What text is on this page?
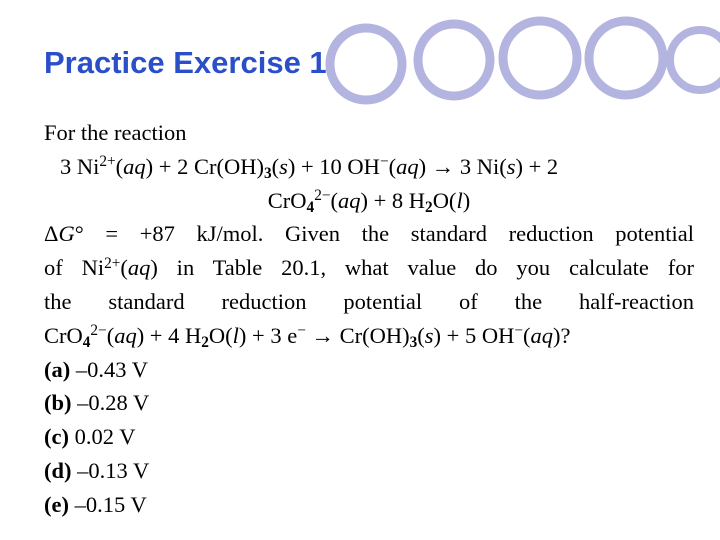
Practice Exercise 1
For the reaction
3 $Ni^{2+}(aq) + 2$ $Cr(OH)_3(s) + 10$ OH−(aq) → 3 Ni(s) + 2
CrO$_4^{2-}$(aq) + 8 $H_2O(l)$
ΔG° = +87 kJ/mol. Given the standard reduction potential
of $Ni^{2+}(aq)$ in Table 20.1, what value do you calculate for
the standard reduction potential of the half-reaction
CrO$_4^{2-}$(aq) + 4 $H_2O(l) + 3$ $e^- \to Cr(OH)_3(s) + 5$ OH−(aq)?
(a) –0.43 V
(b) –0.28 V
(c) 0.02 V
(d) –0.13 V
(e) –0.15 V
